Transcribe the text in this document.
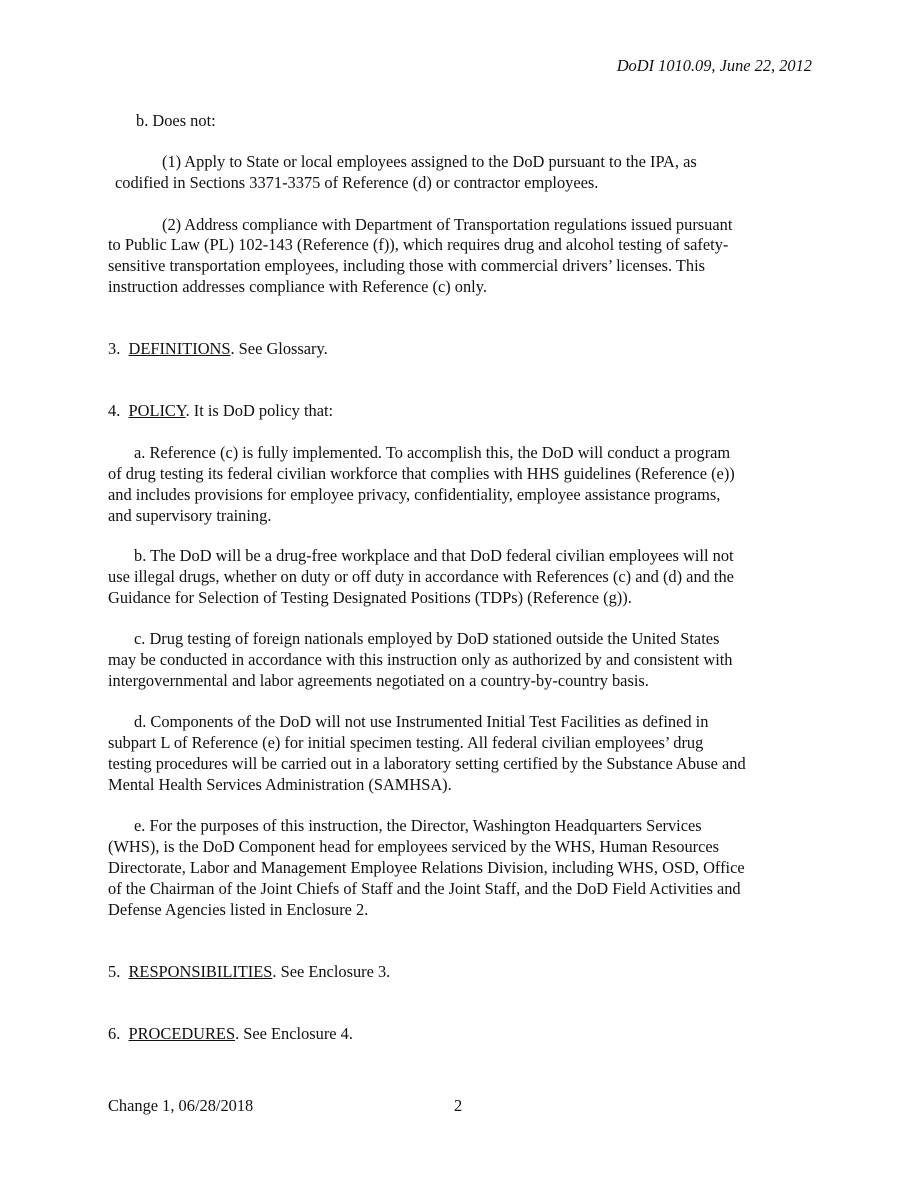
DoDI 1010.09, June 22, 2012
b. Does not:
(1) Apply to State or local employees assigned to the DoD pursuant to the IPA, as
codified in Sections 3371-3375 of Reference (d) or contractor employees.
(2) Address compliance with Department of Transportation regulations issued pursuant
to Public Law (PL) 102-143 (Reference (f)), which requires drug and alcohol testing of safety-
sensitive transportation employees, including those with commercial drivers’ licenses. This
instruction addresses compliance with Reference (c) only.
3. DEFINITIONS. See Glossary.
4. POLICY. It is DoD policy that:
a. Reference (c) is fully implemented. To accomplish this, the DoD will conduct a program
of drug testing its federal civilian workforce that complies with HHS guidelines (Reference (e))
and includes provisions for employee privacy, confidentiality, employee assistance programs,
and supervisory training.
b. The DoD will be a drug-free workplace and that DoD federal civilian employees will not
use illegal drugs, whether on duty or off duty in accordance with References (c) and (d) and the
Guidance for Selection of Testing Designated Positions (TDPs) (Reference (g)).
c. Drug testing of foreign nationals employed by DoD stationed outside the United States
may be conducted in accordance with this instruction only as authorized by and consistent with
intergovernmental and labor agreements negotiated on a country-by-country basis.
d. Components of the DoD will not use Instrumented Initial Test Facilities as defined in
subpart L of Reference (e) for initial specimen testing. All federal civilian employees’ drug
testing procedures will be carried out in a laboratory setting certified by the Substance Abuse and
Mental Health Services Administration (SAMHSA).
e. For the purposes of this instruction, the Director, Washington Headquarters Services
(WHS), is the DoD Component head for employees serviced by the WHS, Human Resources
Directorate, Labor and Management Employee Relations Division, including WHS, OSD, Office
of the Chairman of the Joint Chiefs of Staff and the Joint Staff, and the DoD Field Activities and
Defense Agencies listed in Enclosure 2.
5. RESPONSIBILITIES. See Enclosure 3.
6. PROCEDURES. See Enclosure 4.
Change 1, 06/28/2018	2
